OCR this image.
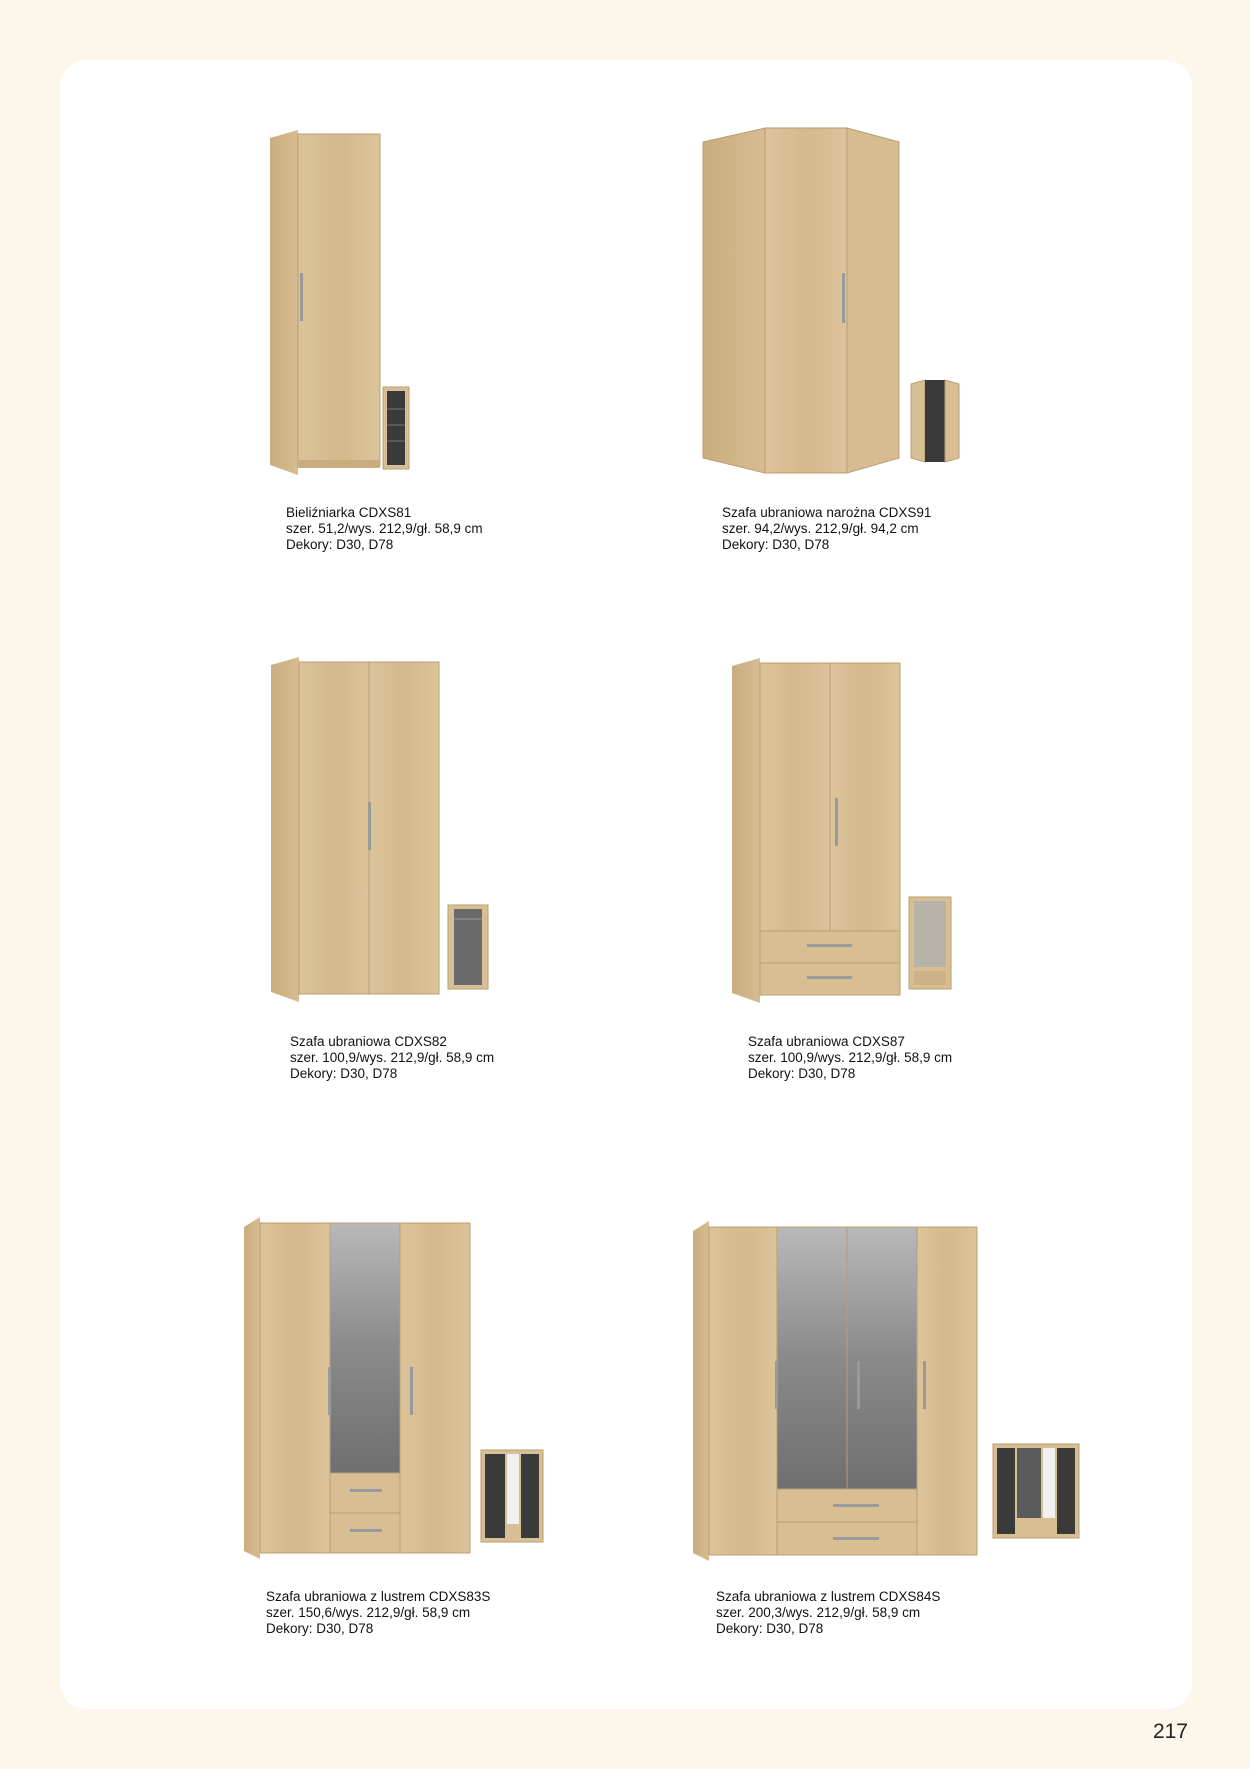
Bieliźniarka CDXS81
szer. 51,2/wys. 212,9/gł. 58,9 cm
Dekory: D30, D78
Szafa ubraniowa narożna CDXS91
szer. 94,2/wys. 212,9/gł. 94,2 cm
Dekory: D30, D78
Szafa ubraniowa CDXS82
szer. 100,9/wys. 212,9/gł. 58,9 cm
Dekory: D30, D78
Szafa ubraniowa CDXS87
szer. 100,9/wys. 212,9/gł. 58,9 cm
Dekory: D30, D78
Szafa ubraniowa z lustrem CDXS83S
szer. 150,6/wys. 212,9/gł. 58,9 cm
Dekory: D30, D78
Szafa ubraniowa z lustrem CDXS84S
szer. 200,3/wys. 212,9/gł. 58,9 cm
Dekory: D30, D78
217
